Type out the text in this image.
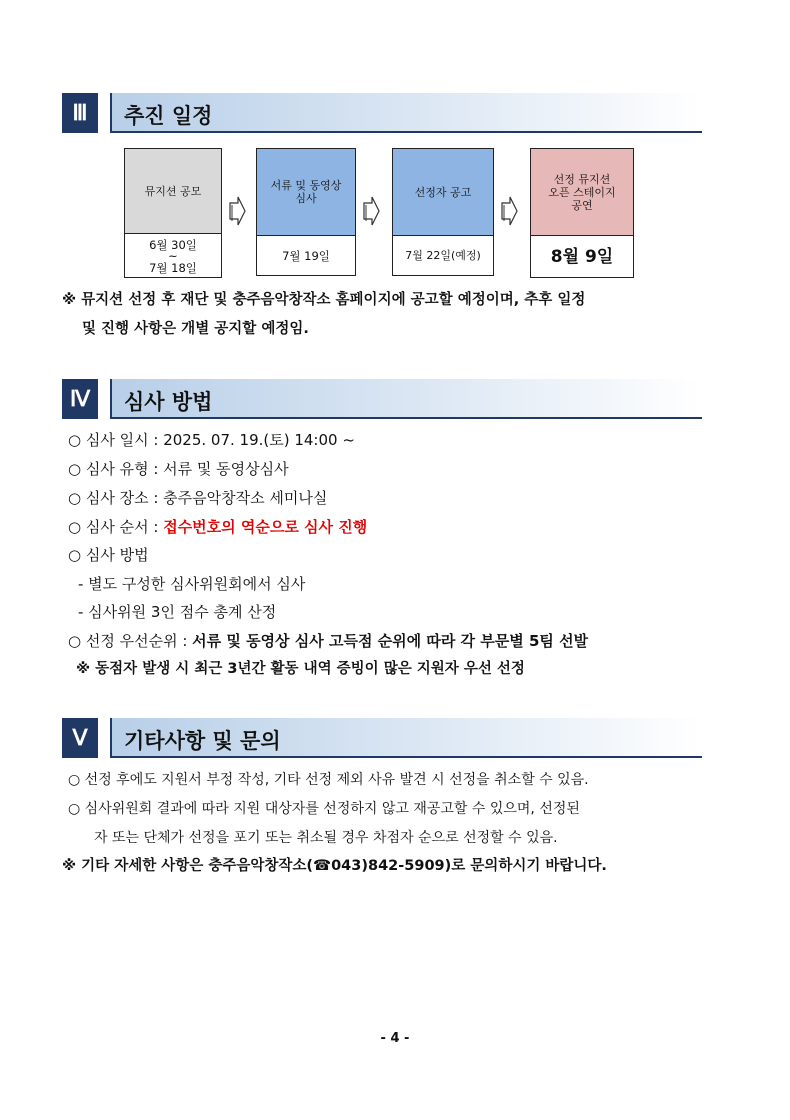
Ⅲ	추진 일정
뮤지션 공모
6월 30일
~
7월 18일
서류 및 동영상
심사
7월 19일
선정자 공고
7월 22일(예정)
선정 뮤지션
오픈 스테이지
공연
8월 9일
※ 뮤지션 선정 후 재단 및 충주음악창작소 홈페이지에 공고할 예정이며, 추후 일정
및 진행 사항은 개별 공지할 예정임.
Ⅳ	심사 방법
○ 심사 일시 : 2025. 07. 19.(토) 14:00 ~
○ 심사 유형 : 서류 및 동영상심사
○ 심사 장소 : 충주음악창작소 세미나실
○ 심사 순서 : 접수번호의 역순으로 심사 진행
○ 심사 방법
- 별도 구성한 심사위원회에서 심사
- 심사위원 3인 점수 총계 산정
○ 선정 우선순위 : 서류 및 동영상 심사 고득점 순위에 따라 각 부문별 5팀 선발
※ 동점자 발생 시 최근 3년간 활동 내역 증빙이 많은 지원자 우선 선정
Ⅴ	기타사항 및 문의
○ 선정 후에도 지원서 부정 작성, 기타 선정 제외 사유 발견 시 선정을 취소할 수 있음.
○ 심사위원회 결과에 따라 지원 대상자를 선정하지 않고 재공고할 수 있으며, 선정된
자 또는 단체가 선정을 포기 또는 취소될 경우 차점자 순으로 선정할 수 있음.
※ 기타 자세한 사항은 충주음악창작소(☎043)842-5909)로 문의하시기 바랍니다.
- 4 -
